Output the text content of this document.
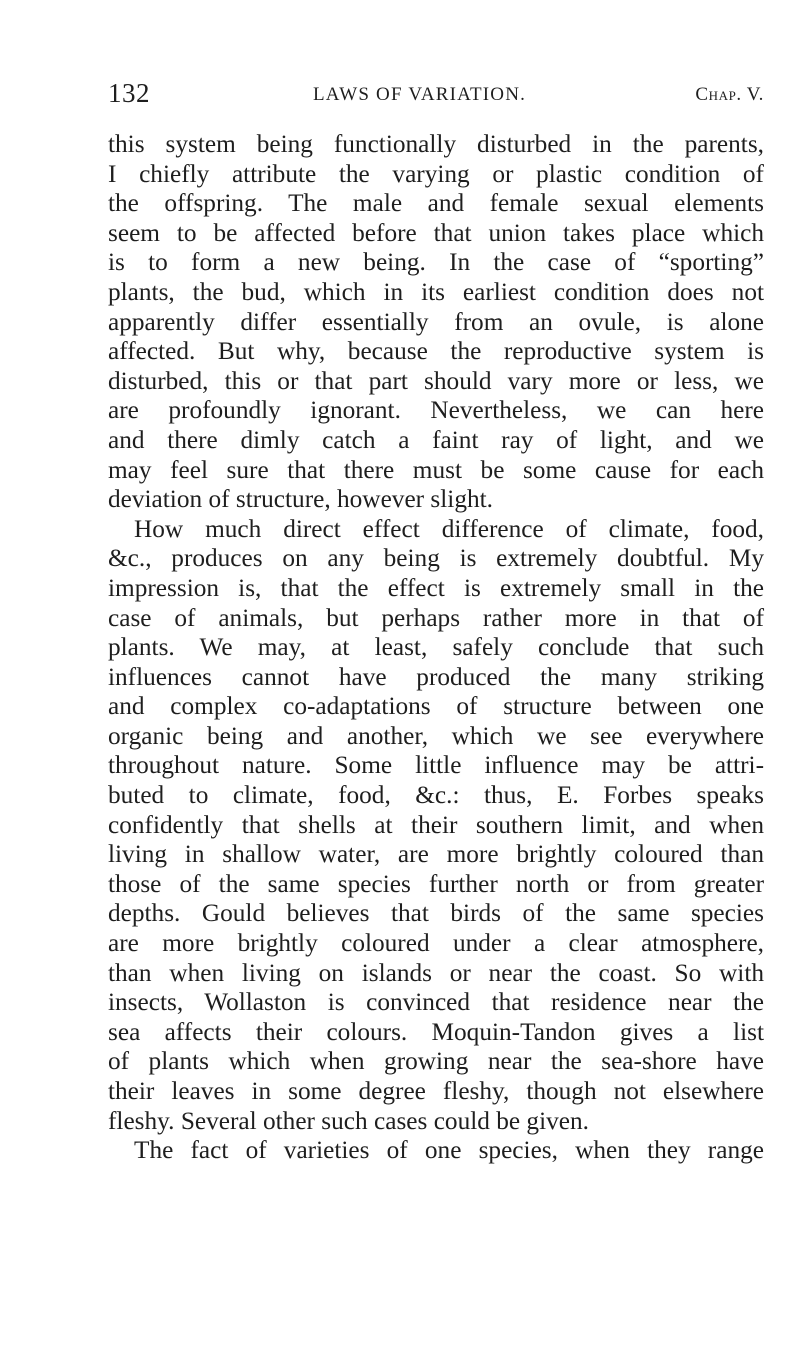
132	LAWS OF VARIATION.	Chap. V.
this system being functionally disturbed in the parents,
I chiefly attribute the varying or plastic condition of
the offspring. The male and female sexual elements
seem to be affected before that union takes place which
is to form a new being. In the case of “sporting”
plants, the bud, which in its earliest condition does not
apparently differ essentially from an ovule, is alone
affected. But why, because the reproductive system is
disturbed, this or that part should vary more or less, we
are profoundly ignorant. Nevertheless, we can here
and there dimly catch a faint ray of light, and we
may feel sure that there must be some cause for each
deviation of structure, however slight.
How much direct effect difference of climate, food,
&c., produces on any being is extremely doubtful. My
impression is, that the effect is extremely small in the
case of animals, but perhaps rather more in that of
plants. We may, at least, safely conclude that such
influences cannot have produced the many striking
and complex co-adaptations of structure between one
organic being and another, which we see everywhere
throughout nature. Some little influence may be attri-
buted to climate, food, &c.: thus, E. Forbes speaks
confidently that shells at their southern limit, and when
living in shallow water, are more brightly coloured than
those of the same species further north or from greater
depths. Gould believes that birds of the same species
are more brightly coloured under a clear atmosphere,
than when living on islands or near the coast. So with
insects, Wollaston is convinced that residence near the
sea affects their colours. Moquin-Tandon gives a list
of plants which when growing near the sea-shore have
their leaves in some degree fleshy, though not elsewhere
fleshy. Several other such cases could be given.
The fact of varieties of one species, when they range
